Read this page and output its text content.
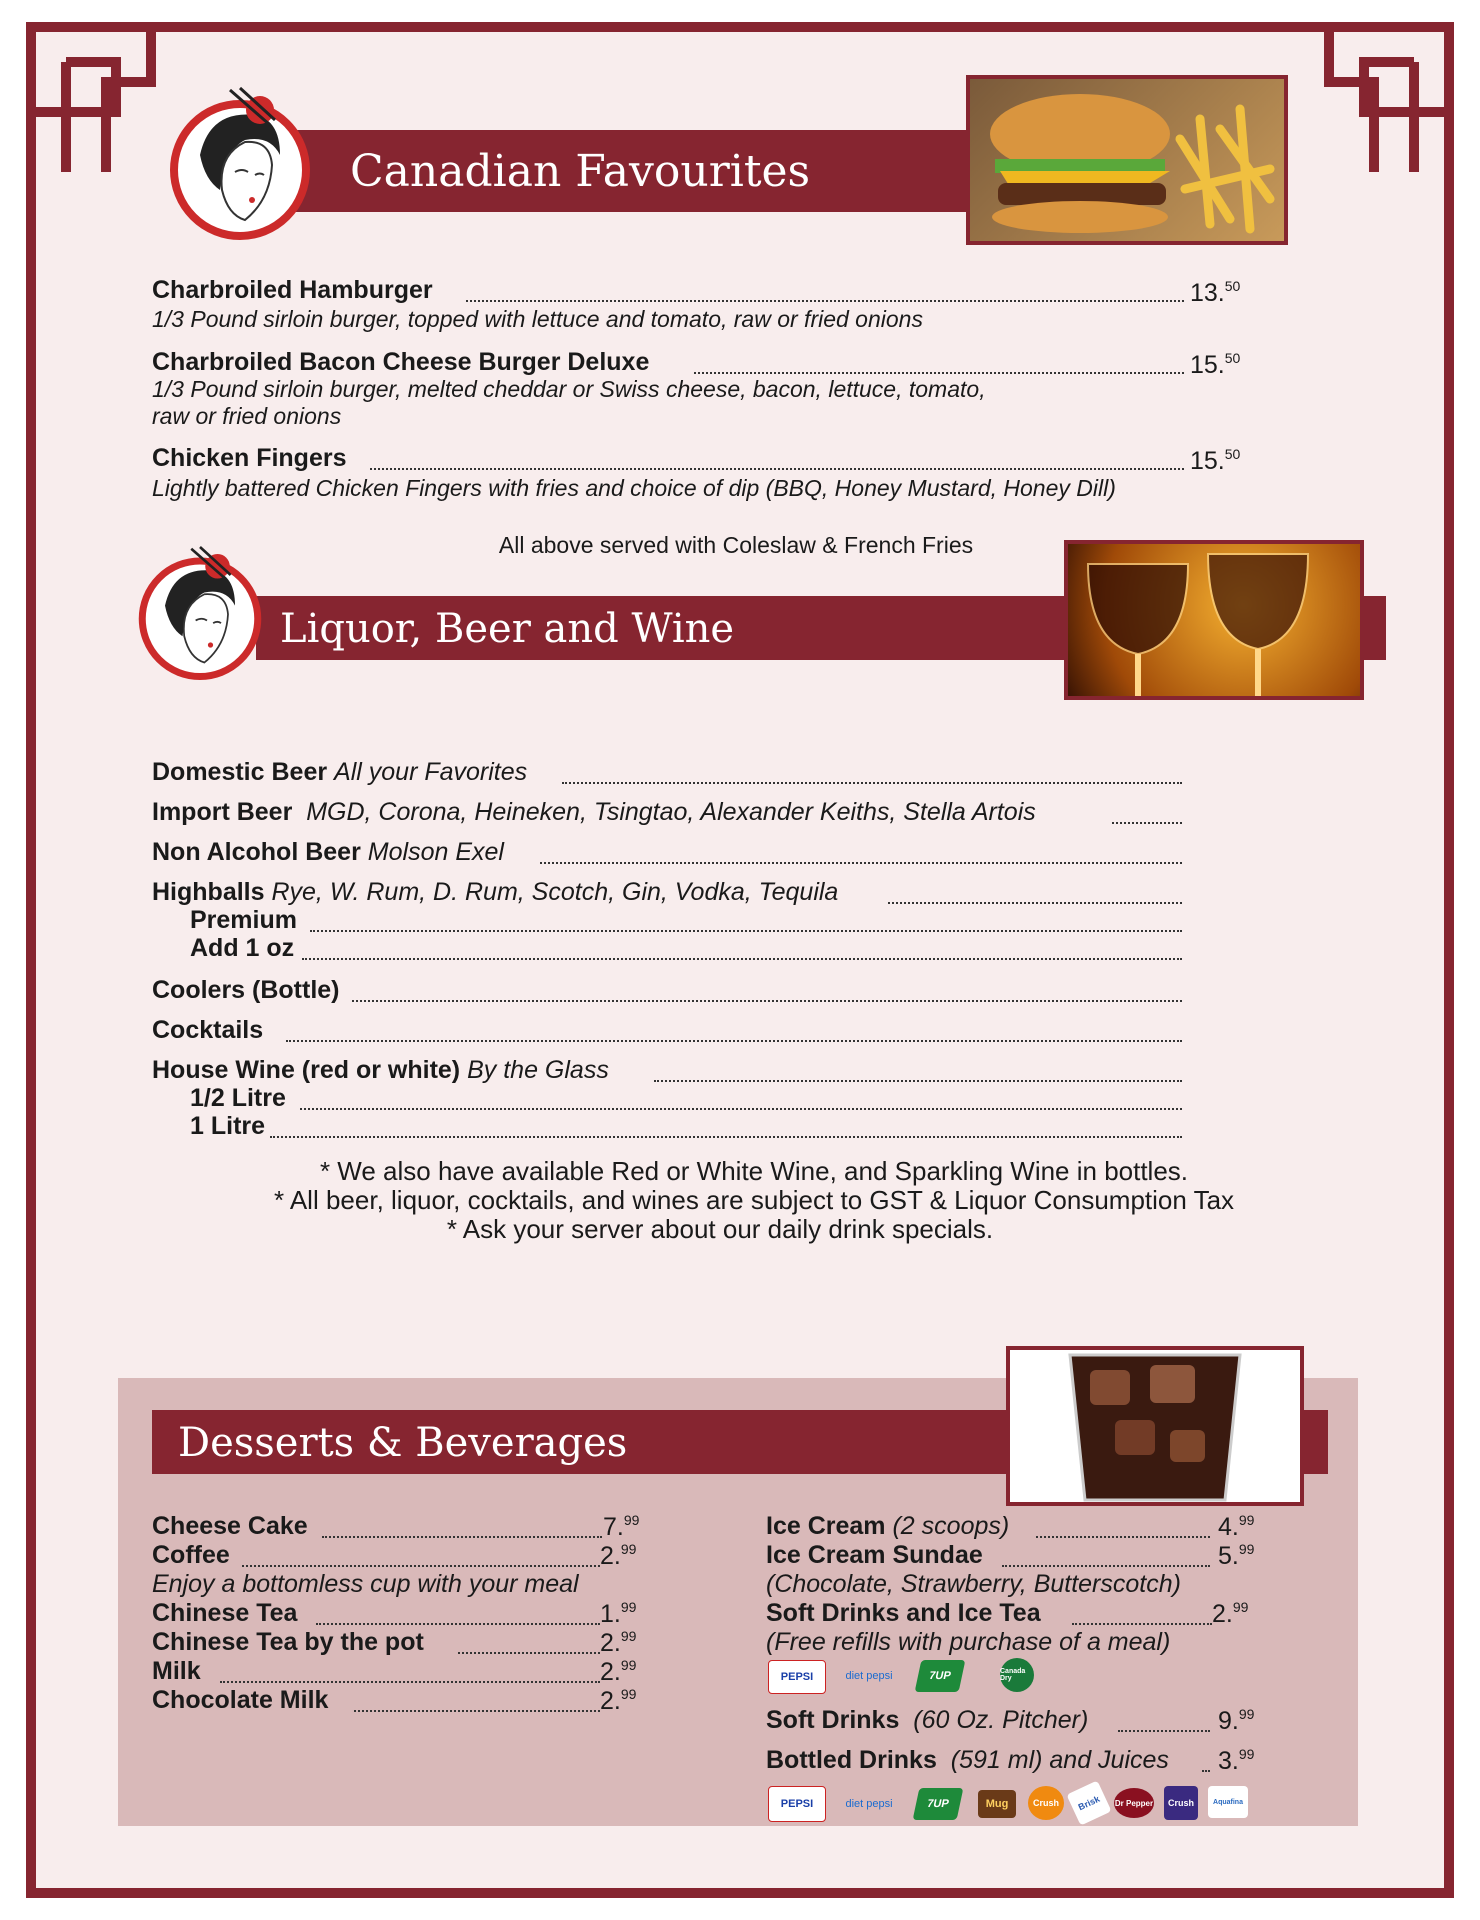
Canadian Favourites
Charbroiled Hamburger	13.50
1/3 Pound sirloin burger, topped with lettuce and tomato, raw or fried onions
Charbroiled Bacon Cheese Burger Deluxe	15.50
1/3 Pound sirloin burger, melted cheddar or Swiss cheese, bacon, lettuce, tomato,
raw or fried onions
Chicken Fingers	15.50
Lightly battered Chicken Fingers with fries and choice of dip (BBQ, Honey Mustard, Honey Dill)
All above served with Coleslaw & French Fries
Liquor, Beer and Wine
Domestic Beer All your Favorites
Import Beer MGD, Corona, Heineken, Tsingtao, Alexander Keiths, Stella Artois
Non Alcohol Beer Molson Exel
Highballs Rye, W. Rum, D. Rum, Scotch, Gin, Vodka, Tequila
Premium
Add 1 oz
Coolers (Bottle)
Cocktails
House Wine (red or white) By the Glass
1/2 Litre
1 Litre
* We also have available Red or White Wine, and Sparkling Wine in bottles.
* All beer, liquor, cocktails, and wines are subject to GST & Liquor Consumption Tax
* Ask your server about our daily drink specials.
Desserts & Beverages
Cheese Cake	7.99
Coffee	2.99
Enjoy a bottomless cup with your meal
Chinese Tea	1.99
Chinese Tea by the pot	2.99
Milk	2.99
Chocolate Milk	2.99
Ice Cream (2 scoops)	4.99
Ice Cream Sundae	5.99
(Chocolate, Strawberry, Butterscotch)
Soft Drinks and Ice Tea	2.99
(Free refills with purchase of a meal)
PEPSI	diet pepsi	7UP	Canada Dry
Soft Drinks (60 Oz. Pitcher)	9.99
Bottled Drinks (591 ml) and Juices 3.99
PEPSI	diet pepsi	7UP	Mug	Crush	Brisk	Dr Pepper	Crush	Aquafina
